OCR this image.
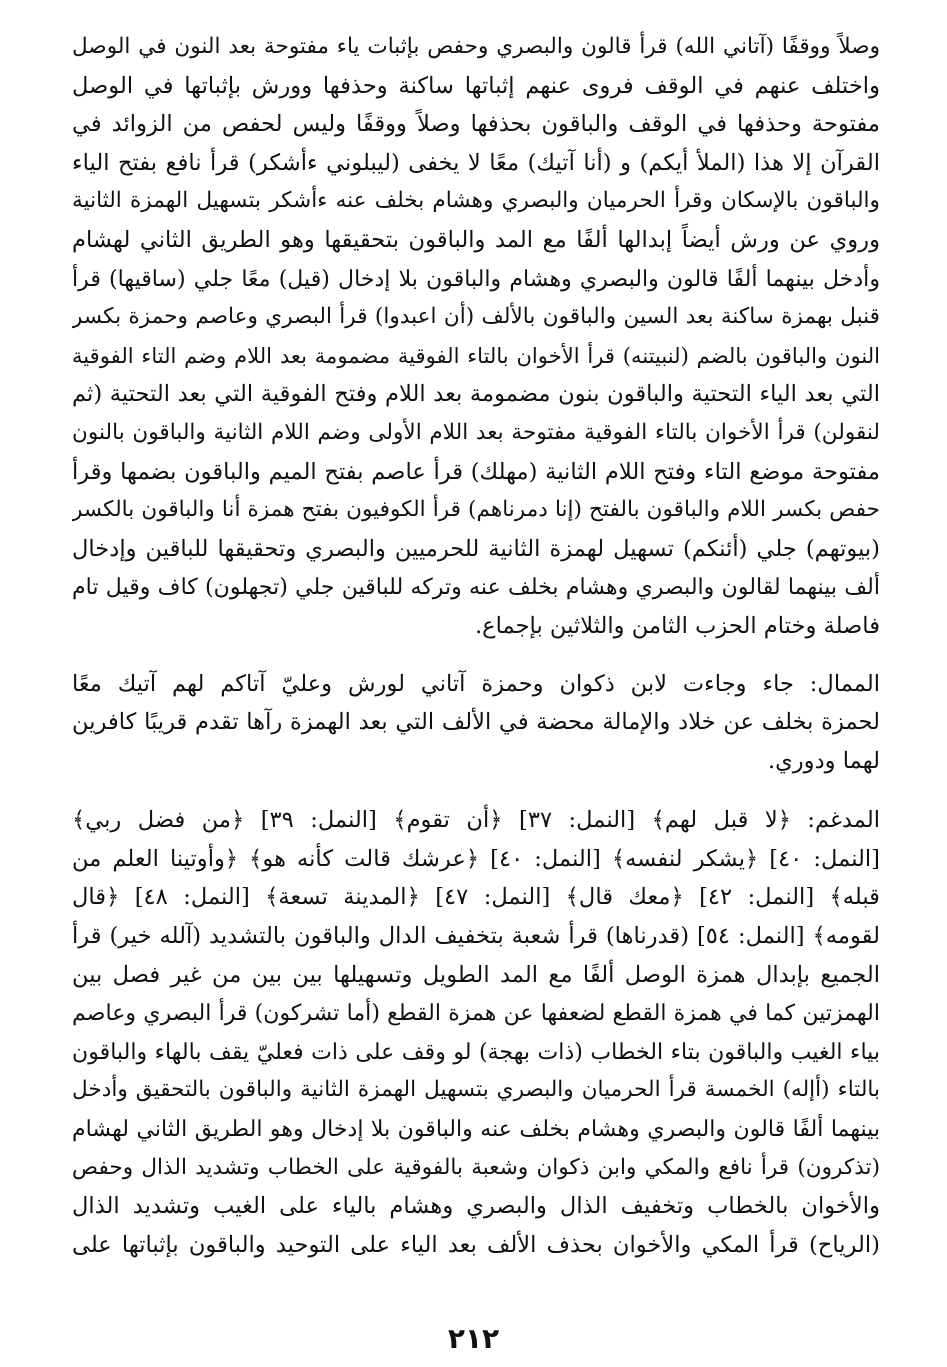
وصلاً ووقفًا (آتاني الله) قرأ قالون والبصري وحفص بإثبات ياء مفتوحة بعد النون في الوصل
واختلف عنهم في الوقف فروى عنهم إثباتها ساكنة وحذفها وورش بإثباتها في الوصل
مفتوحة وحذفها في الوقف والباقون بحذفها وصلاً ووقفًا وليس لحفص من الزوائد في
القرآن إلا هذا (الملأ أيكم) و (أنا آتيك) معًا لا يخفى (ليبلوني ءأشكر) قرأ نافع بفتح الياء
والباقون بالإسكان وقرأ الحرميان والبصري وهشام بخلف عنه ءأشكر بتسهيل الهمزة الثانية
وروي عن ورش أيضاً إبدالها ألفًا مع المد والباقون بتحقيقها وهو الطريق الثاني لهشام
وأدخل بينهما ألفًا قالون والبصري وهشام والباقون بلا إدخال (قيل) معًا جلي (ساقيها) قرأ
قنبل بهمزة ساكنة بعد السين والباقون بالألف (أن اعبدوا) قرأ البصري وعاصم وحمزة بكسر
النون والباقون بالضم (لنبيتنه) قرأ الأخوان بالتاء الفوقية مضمومة بعد اللام وضم التاء الفوقية
التي بعد الياء التحتية والباقون بنون مضمومة بعد اللام وفتح الفوقية التي بعد التحتية (ثم
لنقولن) قرأ الأخوان بالتاء الفوقية مفتوحة بعد اللام الأولى وضم اللام الثانية والباقون بالنون
مفتوحة موضع التاء وفتح اللام الثانية (مهلك) قرأ عاصم بفتح الميم والباقون بضمها وقرأ
حفص بكسر اللام والباقون بالفتح (إنا دمرناهم) قرأ الكوفيون بفتح همزة أنا والباقون بالكسر
(بيوتهم) جلي (أئنكم) تسهيل لهمزة الثانية للحرميين والبصري وتحقيقها للباقين وإدخال
ألف بينهما لقالون والبصري وهشام بخلف عنه وتركه للباقين جلي (تجهلون) كاف وقيل تام
فاصلة وختام الحزب الثامن والثلاثين بإجماع.
الممال: جاء وجاءت لابن ذكوان وحمزة آتاني لورش وعليّ آتاكم لهم آتيك معًا
لحمزة بخلف عن خلاد والإمالة محضة في الألف التي بعد الهمزة رآها تقدم قريبًا كافرين
لهما ودوري.
المدغم: ﴿لا قبل لهم﴾ [النمل: ٣٧] ﴿أن تقوم﴾ [النمل: ٣٩] ﴿من فضل ربي﴾
[النمل: ٤٠] ﴿يشكر لنفسه﴾ [النمل: ٤٠] ﴿عرشك قالت كأنه هو﴾ ﴿وأوتينا العلم من
قبله﴾ [النمل: ٤٢] ﴿معك قال﴾ [النمل: ٤٧] ﴿المدينة تسعة﴾ [النمل: ٤٨] ﴿قال
لقومه﴾ [النمل: ٥٤] (قدرناها) قرأ شعبة بتخفيف الدال والباقون بالتشديد (آلله خير) قرأ
الجميع بإبدال همزة الوصل ألفًا مع المد الطويل وتسهيلها بين بين من غير فصل بين
الهمزتين كما في همزة القطع لضعفها عن همزة القطع (أما تشركون) قرأ البصري وعاصم
بياء الغيب والباقون بتاء الخطاب (ذات بهجة) لو وقف على ذات فعليّ يقف بالهاء والباقون
بالتاء (أإله) الخمسة قرأ الحرميان والبصري بتسهيل الهمزة الثانية والباقون بالتحقيق وأدخل
بينهما ألفًا قالون والبصري وهشام بخلف عنه والباقون بلا إدخال وهو الطريق الثاني لهشام
(تذكرون) قرأ نافع والمكي وابن ذكوان وشعبة بالفوقية على الخطاب وتشديد الذال وحفص
والأخوان بالخطاب وتخفيف الذال والبصري وهشام بالياء على الغيب وتشديد الذال
(الرياح) قرأ المكي والأخوان بحذف الألف بعد الياء على التوحيد والباقون بإثباتها على
٢١٢
